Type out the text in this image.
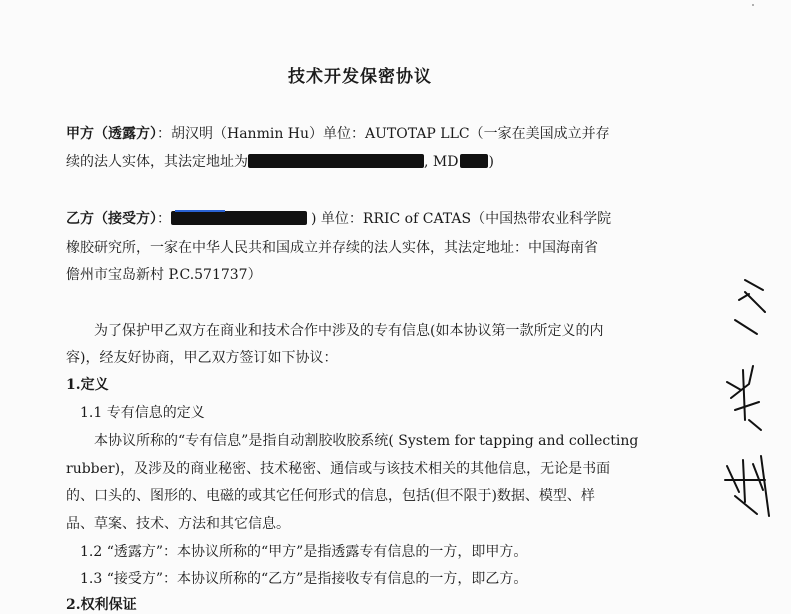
技术开发保密协议
甲方（透露方）：胡汉明（Hanmin Hu）单位：AUTOTAP LLC（一家在美国成立并存
续的法人实体，其法定地址为	, MD )
乙方（接受方）：	) 单位：RRIC of CATAS（中国热带农业科学院
橡胶研究所，一家在中华人民共和国成立并存续的法人实体，其法定地址：中国海南省
儋州市宝岛新村 P.C.571737）
为了保护甲乙双方在商业和技术合作中涉及的专有信息(如本协议第一款所定义的内
容)，经友好协商，甲乙双方签订如下协议：
1.定义
1.1 专有信息的定义
本协议所称的“专有信息”是指自动割胶收胶系统( System for tapping and collecting
rubber)，及涉及的商业秘密、技术秘密、通信或与该技术相关的其他信息，无论是书面
的、口头的、图形的、电磁的或其它任何形式的信息，包括(但不限于)数据、模型、样
品、草案、技术、方法和其它信息。
1.2 “透露方”：本协议所称的“甲方”是指透露专有信息的一方，即甲方。
1.3 “接受方”：本协议所称的“乙方”是指接收专有信息的一方，即乙方。
2.权利保证
